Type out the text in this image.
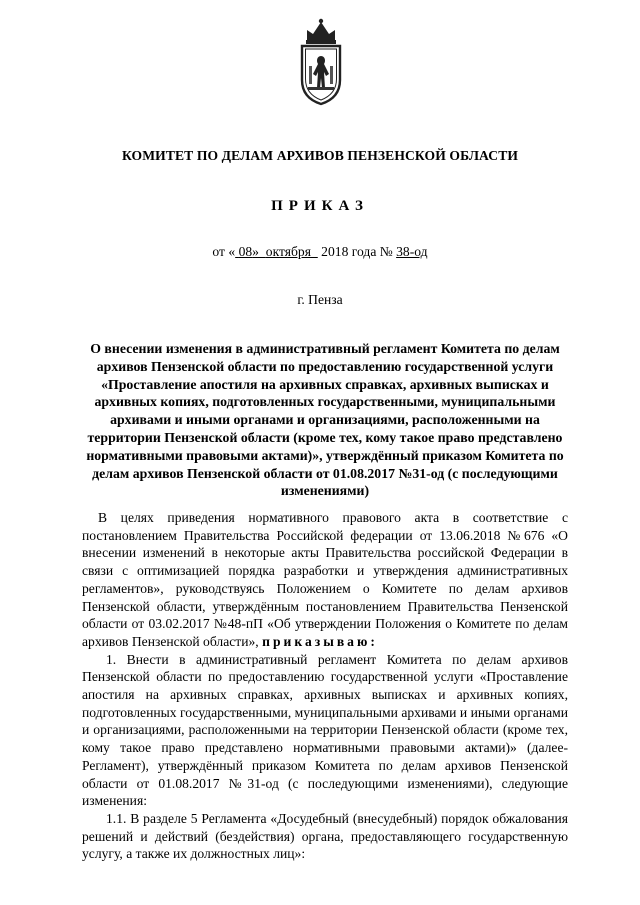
КОМИТЕТ ПО ДЕЛАМ АРХИВОВ ПЕНЗЕНСКОЙ ОБЛАСТИ
ПРИКАЗ
от « 08»  октября 2018 года № 38-од
г. Пенза
О внесении изменения в административный регламент Комитета по делам архивов Пензенской области по предоставлению государственной услуги «Проставление апостиля на архивных справках, архивных выписках и архивных копиях, подготовленных государственными, муниципальными архивами и иными органами и организациями, расположенными на территории Пензенской области (кроме тех, кому такое право представлено нормативными правовыми актами)», утверждённый приказом Комитета по делам архивов Пензенской области от 01.08.2017 №31-од (с последующими изменениями)

В целях приведения нормативного правового акта в соответствие с постановлением Правительства Российской федерации от 13.06.2018 №676 «О внесении изменений в некоторые акты Правительства российской Федерации в связи с оптимизацией порядка разработки и утверждения административных регламентов», руководствуясь Положением о Комитете по делам архивов Пензенской области, утверждённым постановлением Правительства Пензенской области от 03.02.2017 №48-пП «Об утверждении Положения о Комитете по делам архивов Пензенской области», приказываю:

1. Внести в административный регламент Комитета по делам архивов Пензенской области по предоставлению государственной услуги «Проставление апостиля на архивных справках, архивных выписках и архивных копиях, подготовленных государственными, муниципальными архивами и иными органами и организациями, расположенными на территории Пензенской области (кроме тех, кому такое право представлено нормативными правовыми актами)» (далее-Регламент), утверждённый приказом Комитета по делам архивов Пензенской области от 01.08.2017 №31-од (с последующими изменениями), следующие изменения:

1.1. В разделе 5 Регламента «Досудебный (внесудебный) порядок обжалования решений и действий (бездействия) органа, предоставляющего государственную услугу, а также их должностных лиц»:
